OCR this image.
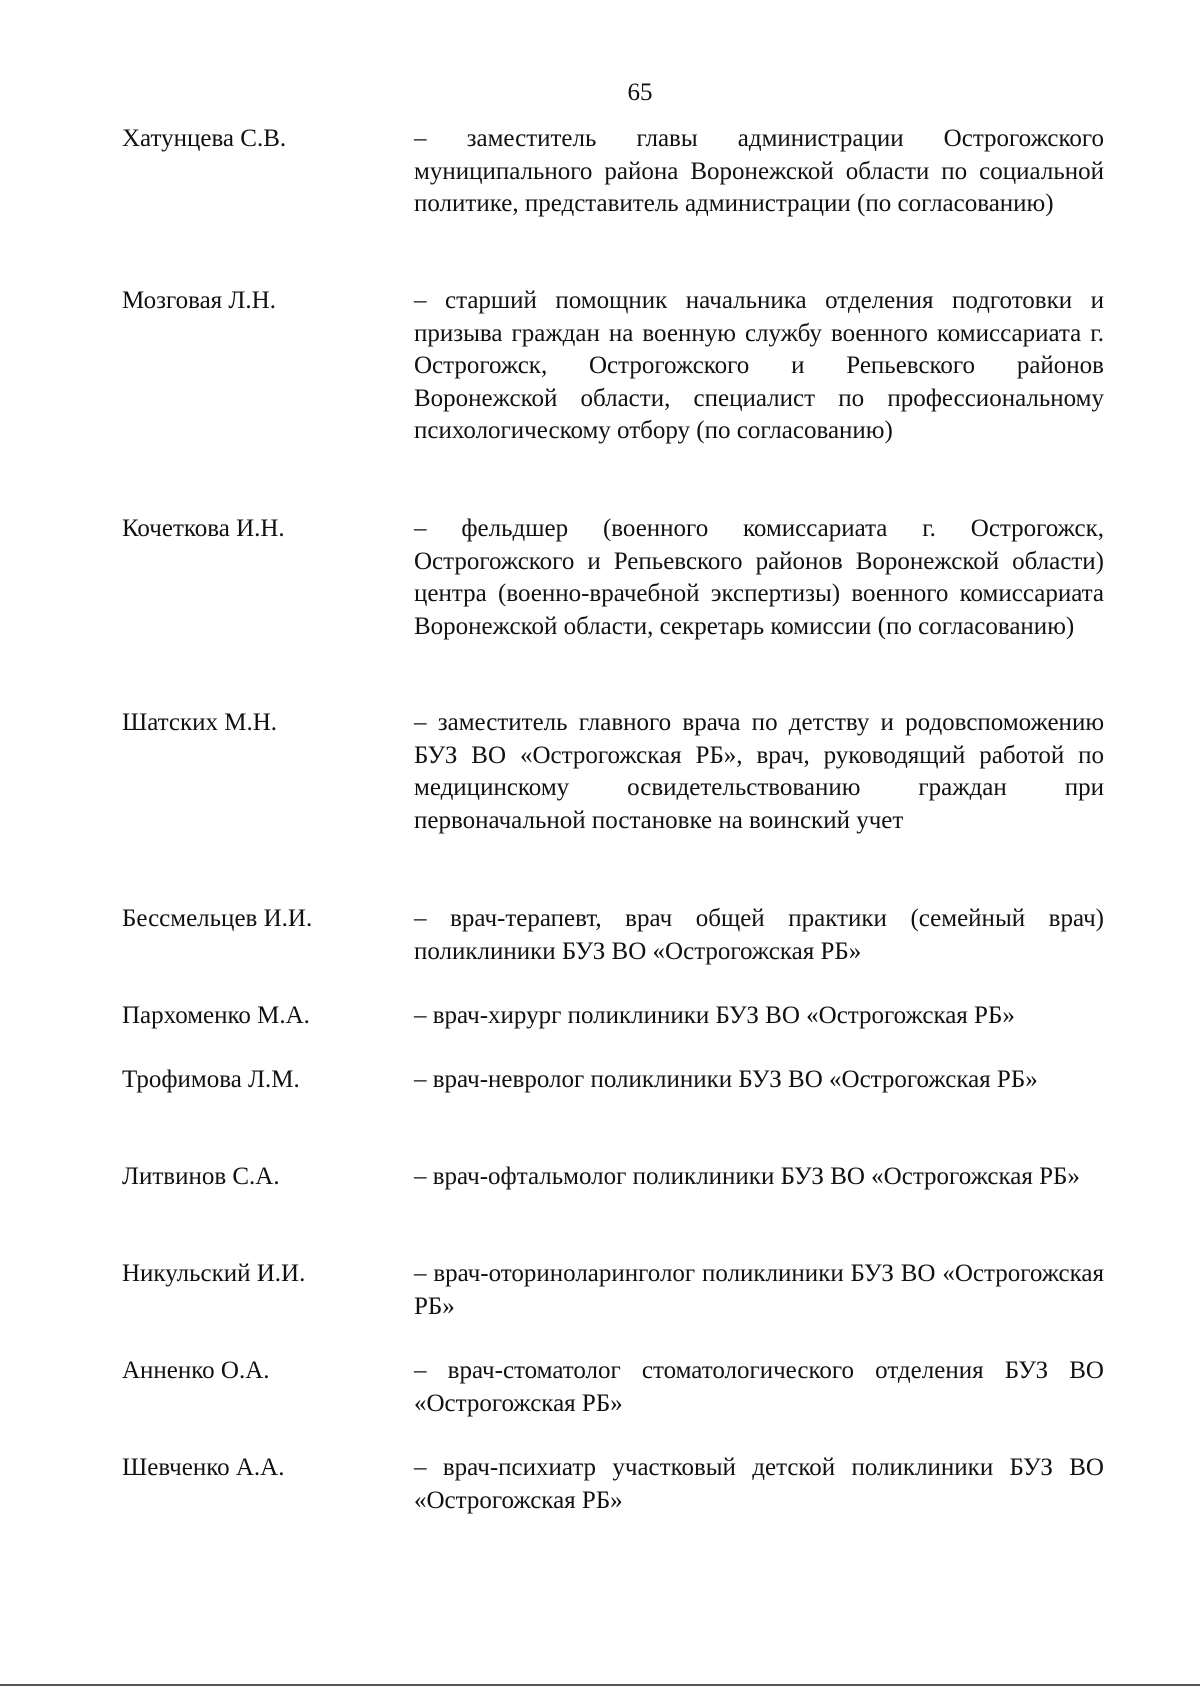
65
Хатунцева С.В.	– заместитель главы администрации Острогожского муниципального района Воронежской области по социальной политике, представитель администрации (по согласованию)
Мозговая Л.Н.	– старший помощник начальника отделения подготовки и призыва граждан на военную службу военного комиссариата г. Острогожск, Острогожского и Репьевского районов Воронежской области, специалист по профессиональному психологическому отбору (по согласованию)
Кочеткова И.Н.	– фельдшер (военного комиссариата г. Острогожск, Острогожского и Репьевского районов Воронежской области) центра (военно-врачебной экспертизы) военного комиссариата Воронежской области, секретарь комиссии (по согласованию)
Шатских М.Н.	– заместитель главного врача по детству и родовспоможению БУЗ ВО «Острогожская РБ», врач, руководящий работой по медицинскому освидетельствованию граждан при первоначальной постановке на воинский учет
Бессмельцев И.И.	– врач-терапевт, врач общей практики (семейный врач) поликлиники БУЗ ВО «Острогожская РБ»
Пархоменко М.А.	– врач-хирург поликлиники БУЗ ВО «Острогожская РБ»
Трофимова Л.М.	– врач-невролог поликлиники БУЗ ВО «Острогожская РБ»
Литвинов С.А.	– врач-офтальмолог поликлиники БУЗ ВО «Острогожская РБ»
Никульский И.И.	– врач-оториноларинголог поликлиники БУЗ ВО «Острогожская РБ»
Анненко О.А.	– врач-стоматолог стоматологического отделения БУЗ ВО «Острогожская РБ»
Шевченко А.А.	– врач-психиатр участковый детской поликлиники БУЗ ВО «Острогожская РБ»
